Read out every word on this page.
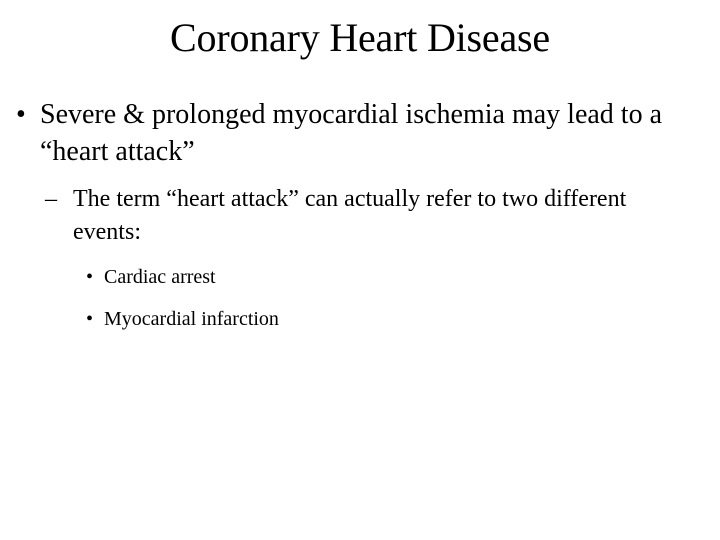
Coronary Heart Disease
• Severe & prolonged myocardial ischemia may lead to a “heart attack”
– The term “heart attack” can actually refer to two different events:
• Cardiac arrest
• Myocardial infarction
